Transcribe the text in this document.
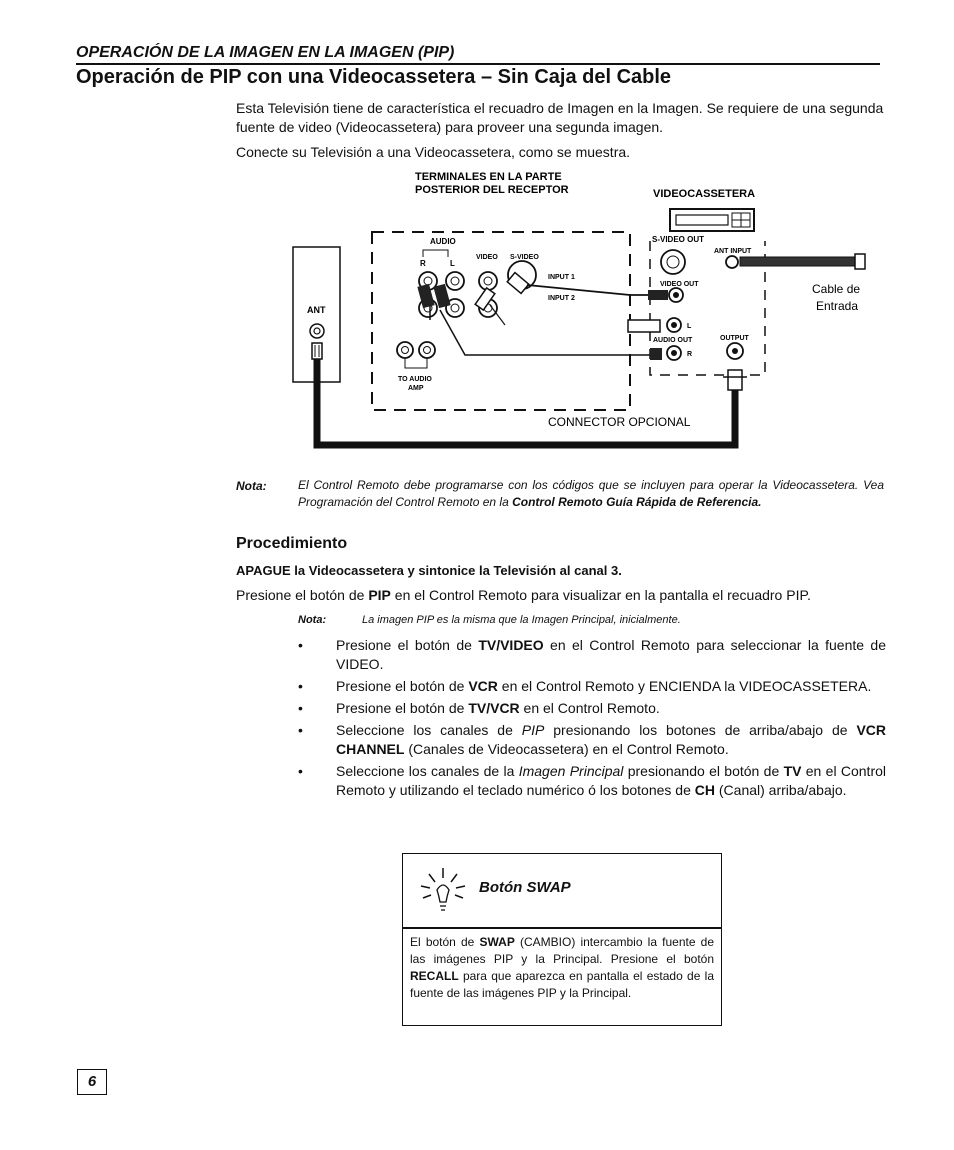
OPERACIÓN DE LA IMAGEN EN LA IMAGEN (PIP)
Operación de PIP con una Videocassetera – Sin Caja del Cable
Esta Televisión tiene de característica el recuadro de Imagen en la Imagen. Se requiere de una segunda fuente de video (Videocassetera) para proveer una segunda imagen.
Conecte su Televisión a una Videocassetera, como se muestra.
TERMINALES EN LA PARTE
POSTERIOR DEL RECEPTOR	VIDEOCASSETERA
ANT
AUDIO
R	L
VIDEO S-VIDEO
INPUT 1
INPUT 2
TO AUDIO
AMP
S-VIDEO OUT
ANT INPUT
VIDEO OUT
L
AUDIO OUT
R
OUTPUT
Cable de
Entrada
CONNECTOR OPCIONAL
Nota:	El Control Remoto debe programarse con los códigos que se incluyen para operar la Videocassetera. Vea Programación del Control Remoto en la Control Remoto Guía Rápida de Referencia.
Procedimiento
APAGUE la Videocassetera y sintonice la Televisión al canal 3.
Presione el botón de PIP en el Control Remoto para visualizar en la pantalla el recuadro PIP.
Nota:	La imagen PIP es la misma que la Imagen Principal, inicialmente.
• Presione el botón de TV/VIDEO en el Control Remoto para seleccionar la fuente de VIDEO.
• Presione el botón de VCR en el Control Remoto y ENCIENDA la VIDEOCASSETERA.
• Presione el botón de TV/VCR en el Control Remoto.
• Seleccione los canales de PIP presionando los botones de arriba/abajo de VCR CHANNEL (Canales de Videocassetera) en el Control Remoto.
• Seleccione los canales de la Imagen Principal presionando el botón de TV en el Control Remoto y utilizando el teclado numérico ó los botones de CH (Canal) arriba/abajo.
Botón SWAP
El botón de SWAP (CAMBIO) intercambio la fuente de las imágenes PIP y la Principal. Presione el botón RECALL para que aparezca en pantalla el estado de la fuente de las imágenes PIP y la Principal.
6
